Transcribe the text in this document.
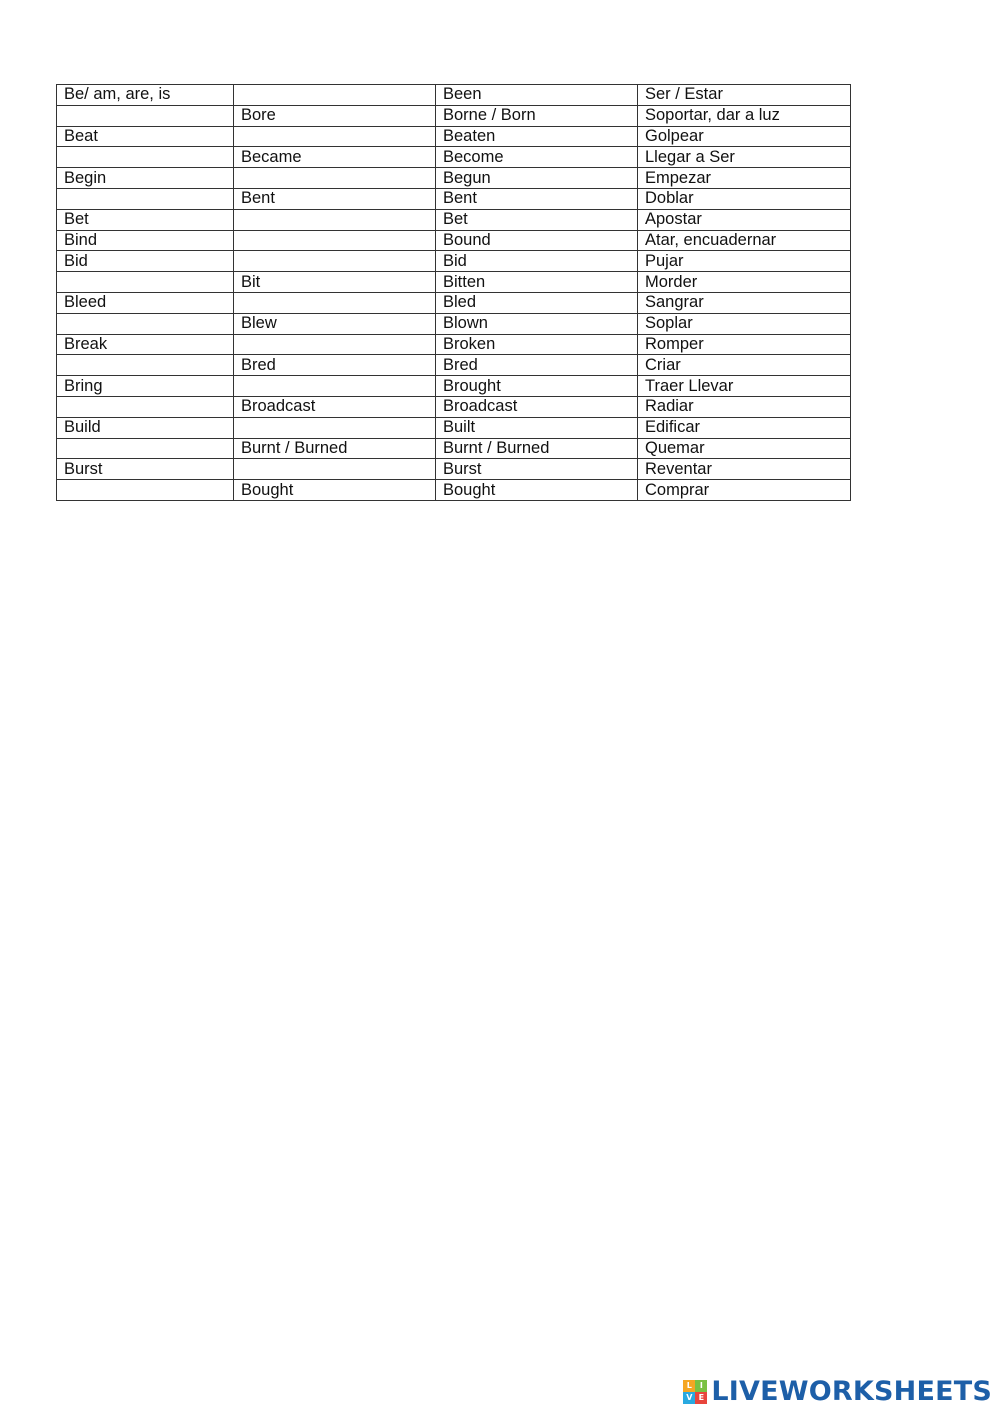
Be/ am, are, is		Been	Ser / Estar
	Bore	Borne / Born	Soportar, dar a luz
Beat		Beaten	Golpear
	Became	Become	Llegar a Ser
Begin		Begun	Empezar
	Bent	Bent	Doblar
Bet		Bet	Apostar
Bind		Bound	Atar, encuadernar
Bid		Bid	Pujar
	Bit	Bitten	Morder
Bleed		Bled	Sangrar
	Blew	Blown	Soplar
Break		Broken	Romper
	Bred	Bred	Criar
Bring		Brought	Traer Llevar
	Broadcast	Broadcast	Radiar
Build		Built	Edificar
	Burnt / Burned	Burnt / Burned	Quemar
Burst		Burst	Reventar
	Bought	Bought	Comprar
L I
V E LIVEWORKSHEETS
